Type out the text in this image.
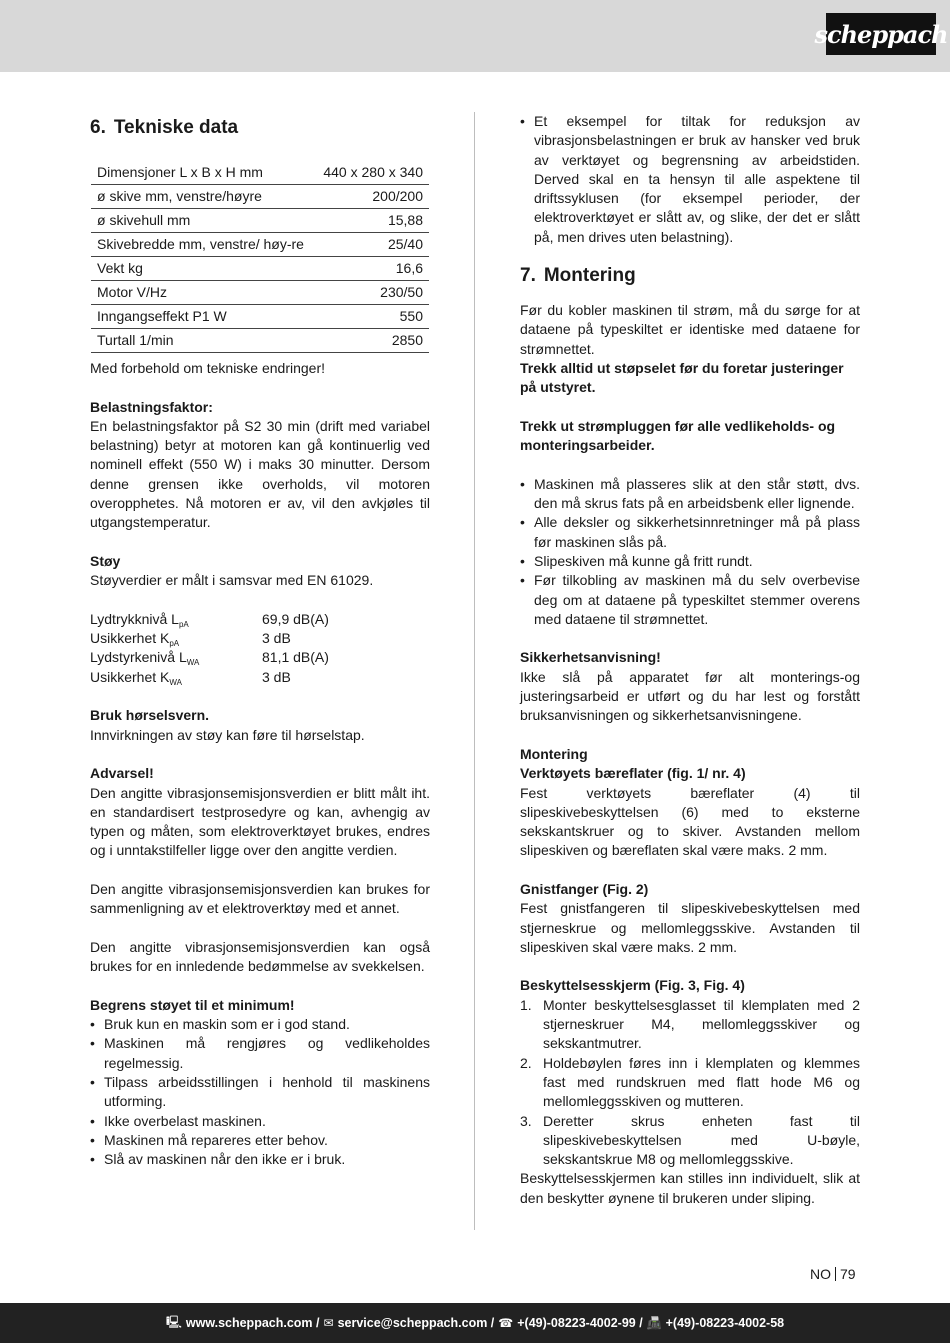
scheppach
6. Tekniske data
Dimensjoner L x B x H mm	440 x 280 x 340
ø skive mm, venstre/høyre	200/200
ø skivehull mm	15,88
Skivebredde mm, venstre/ høy-re	25/40
Vekt kg	16,6
Motor V/Hz	230/50
Inngangseffekt P1 W	550
Turtall 1/min	2850

Med forbehold om tekniske endringer!

Belastningsfaktor:

En belastningsfaktor på S2 30 min (drift med variabel belastning) betyr at motoren kan gå kontinuerlig ved nominell effekt (550 W) i maks 30 minutter. Dersom denne grensen ikke overholds, vil motoren overopphetes. Nå motoren er av, vil den avkjøles til utgangstemperatur.

Støy

Støyverdier er målt i samsvar med EN 61029.

Lydtrykknivå $L_{pA}$	69,9 dB(A)
Usikkerhet $K_{pA}$	3 dB
Lydstyrkenivå $L_{WA}$	81,1 dB(A)
Usikkerhet $K_{WA}$	3 dB

Bruk hørselsvern.

Innvirkningen av støy kan føre til hørselstap.

Advarsel!

Den angitte vibrasjonsemisjonsverdien er blitt målt iht. en standardisert testprosedyre og kan, avhengig av typen og måten, som elektroverktøyet brukes, endres og i unntakstilfeller ligge over den angitte verdien.

Den angitte vibrasjonsemisjonsverdien kan brukes for sammenligning av et elektroverktøy med et annet.

Den angitte vibrasjonsemisjonsverdien kan også brukes for en innledende bedømmelse av svekkelsen.

Begrens støyet til et minimum!

• Bruk kun en maskin som er i god stand.
• Maskinen må rengjøres og vedlikeholdes regelmessig.
• Tilpass arbeidsstillingen i henhold til maskinens utforming.
• Ikke overbelast maskinen.
• Maskinen må repareres etter behov.
• Slå av maskinen når den ikke er i bruk.
• Et eksempel for tiltak for reduksjon av vibrasjonsbelastningen er bruk av hansker ved bruk av verktøyet og begrensning av arbeidstiden. Derved skal en ta hensyn til alle aspektene til driftssyklusen (for eksempel perioder, der elektroverktøyet er slått av, og slike, der det er slått på, men drives uten belastning).
7. Montering

Før du kobler maskinen til strøm, må du sørge for at dataene på typeskiltet er identiske med dataene for strømnettet.

Trekk alltid ut støpselet før du foretar justeringer på utstyret.

Trekk ut strømpluggen før alle vedlikeholds- og monteringsarbeider.

• Maskinen må plasseres slik at den står støtt, dvs. den må skrus fats på en arbeidsbenk eller lignende.
• Alle deksler og sikkerhetsinnretninger må på plass før maskinen slås på.
• Slipeskiven må kunne gå fritt rundt.
• Før tilkobling av maskinen må du selv overbevise deg om at dataene på typeskiltet stemmer overens med dataene til strømnettet.

Sikkerhetsanvisning!

Ikke slå på apparatet før alt monterings-og justeringsarbeid er utført og du har lest og forstått bruksanvisningen og sikkerhetsanvisningene.

Montering

Verktøyets bæreflater (fig. 1/ nr. 4)

Fest verktøyets bæreflater (4) til slipeskivebeskyttelsen (6) med to eksterne sekskantskruer og to skiver. Avstanden mellom slipeskiven og bæreflaten skal være maks. 2 mm.

Gnistfanger (Fig. 2)

Fest gnistfangeren til slipeskivebeskyttelsen med stjerneskrue og mellomleggsskive. Avstanden til slipeskiven skal være maks. 2 mm.

Beskyttelsesskjerm (Fig. 3, Fig. 4)

1. Monter beskyttelsesglasset til klemplaten med 2 stjerneskruer M4, mellomleggsskiver og sekskantmutrer.
2. Holdebøylen føres inn i klemplaten og klemmes fast med rundskruen med flatt hode M6 og mellomleggsskiven og mutteren.
3. Deretter skrus enheten fast til slipeskivebeskyttelsen med U-bøyle, sekskantskrue M8 og mellomleggsskive.

Beskyttelsesskjermen kan stilles inn individuelt, slik at den beskytter øynene til brukeren under sliping.

NO 79
🖳 www.scheppach.com / ✉ service@scheppach.com / ☎ +(49)-08223-4002-99 / 📠 +(49)-08223-4002-58
